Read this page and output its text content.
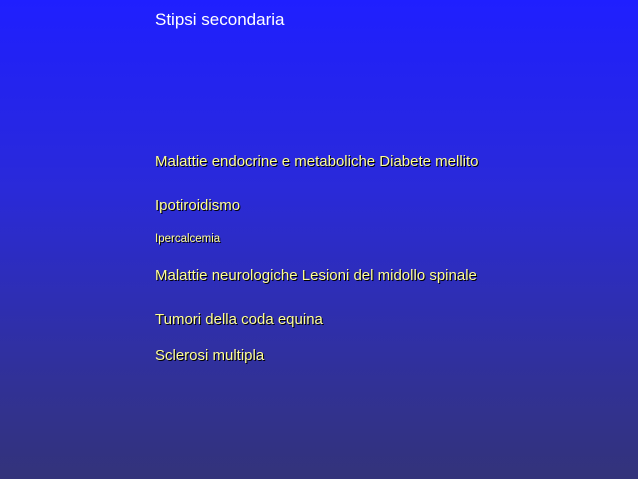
Stipsi secondaria
Malattie endocrine e metaboliche Diabete mellito
Ipotiroidismo
Ipercalcemia
Malattie neurologiche Lesioni del midollo spinale
Tumori della coda equina
Sclerosi multipla
